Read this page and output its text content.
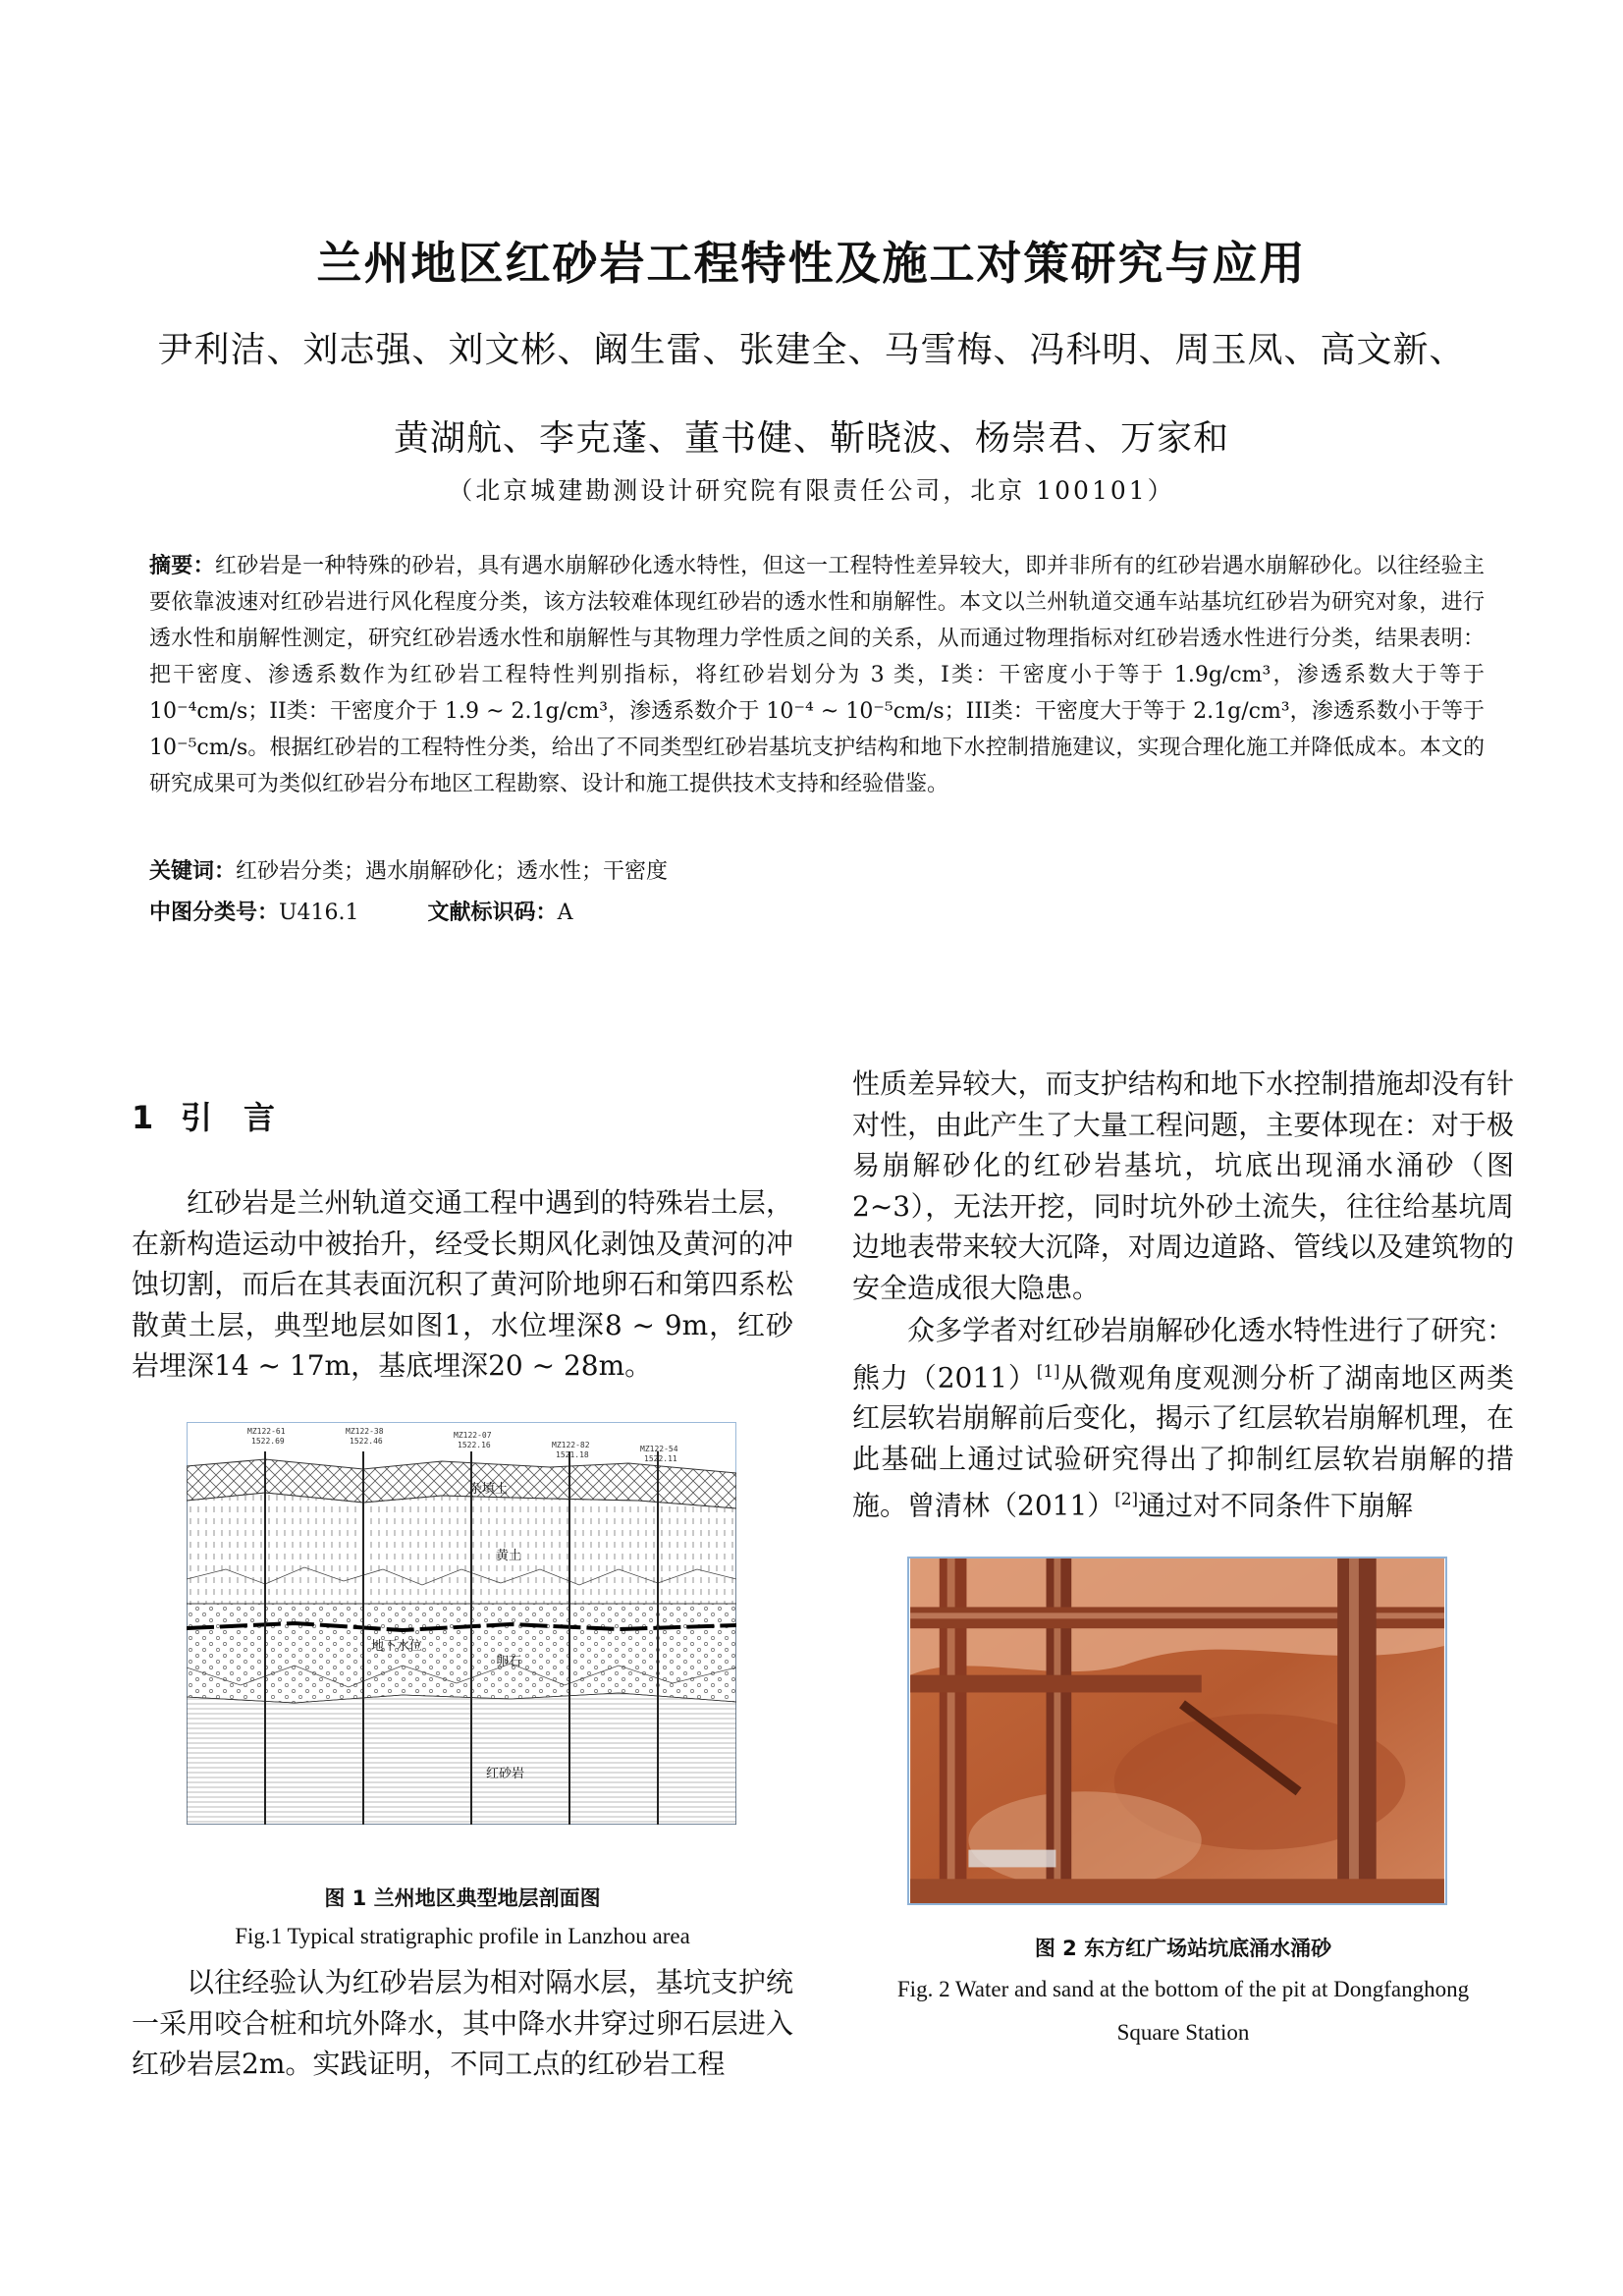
兰州地区红砂岩工程特性及施工对策研究与应用

尹利洁、刘志强、刘文彬、阚生雷、张建全、马雪梅、冯科明、周玉凤、高文新、

黄湖航、李克蓬、董书健、靳晓波、杨崇君、万家和

（北京城建勘测设计研究院有限责任公司，北京 100101）

摘要：红砂岩是一种特殊的砂岩，具有遇水崩解砂化透水特性，但这一工程特性差异较大，即并非所有的红砂岩遇水崩解砂化。以往经验主要依靠波速对红砂岩进行风化程度分类，该方法较难体现红砂岩的透水性和崩解性。本文以兰州轨道交通车站基坑红砂岩为研究对象，进行透水性和崩解性测定，研究红砂岩透水性和崩解性与其物理力学性质之间的关系，从而通过物理指标对红砂岩透水性进行分类，结果表明：把干密度、渗透系数作为红砂岩工程特性判别指标，将红砂岩划分为 3 类，I类：干密度小于等于 1.9g/cm³，渗透系数大于等于 10⁻⁴cm/s；II类：干密度介于 1.9 ~ 2.1g/cm³，渗透系数介于 10⁻⁴ ~ 10⁻⁵cm/s；III类：干密度大于等于 2.1g/cm³，渗透系数小于等于 10⁻⁵cm/s。根据红砂岩的工程特性分类，给出了不同类型红砂岩基坑支护结构和地下水控制措施建议，实现合理化施工并降低成本。本文的研究成果可为类似红砂岩分布地区工程勘察、设计和施工提供技术支持和经验借鉴。

关键词：红砂岩分类；遇水崩解砂化；透水性；干密度

中图分类号：U416.1	文献标识码：A

1 引 言

红砂岩是兰州轨道交通工程中遇到的特殊岩土层，在新构造运动中被抬升，经受长期风化剥蚀及黄河的冲蚀切割，而后在其表面沉积了黄河阶地卵石和第四系松散黄土层，典型地层如图1，水位埋深8 ~ 9m，红砂岩埋深14 ~ 17m，基底埋深20 ~ 28m。

MZ122-61
1522.69
MZ122-38
1522.46
MZ122-07
1522.16	MZ122-82
1521.18
MZ122-54
1522.11
杂填土
黄土
地下水位
卵石
红砂岩

图 1 兰州地区典型地层剖面图

Fig.1 Typical stratigraphic profile in Lanzhou area

以往经验认为红砂岩层为相对隔水层，基坑支护统一采用咬合桩和坑外降水，其中降水井穿过卵石层进入红砂岩层2m。实践证明，不同工点的红砂岩工程

性质差异较大，而支护结构和地下水控制措施却没有针对性，由此产生了大量工程问题，主要体现在：对于极易崩解砂化的红砂岩基坑，坑底出现涌水涌砂（图2~3），无法开挖，同时坑外砂土流失，往往给基坑周边地表带来较大沉降，对周边道路、管线以及建筑物的安全造成很大隐患。

众多学者对红砂岩崩解砂化透水特性进行了研究：熊力（2011）[1]从微观角度观测分析了湖南地区两类红层软岩崩解前后变化，揭示了红层软岩崩解机理，在此基础上通过试验研究得出了抑制红层软岩崩解的措施。曾清林（2011）[2]通过对不同条件下崩解

图 2 东方红广场站坑底涌水涌砂

Fig. 2 Water and sand at the bottom of the pit at Dongfanghong

Square Station
